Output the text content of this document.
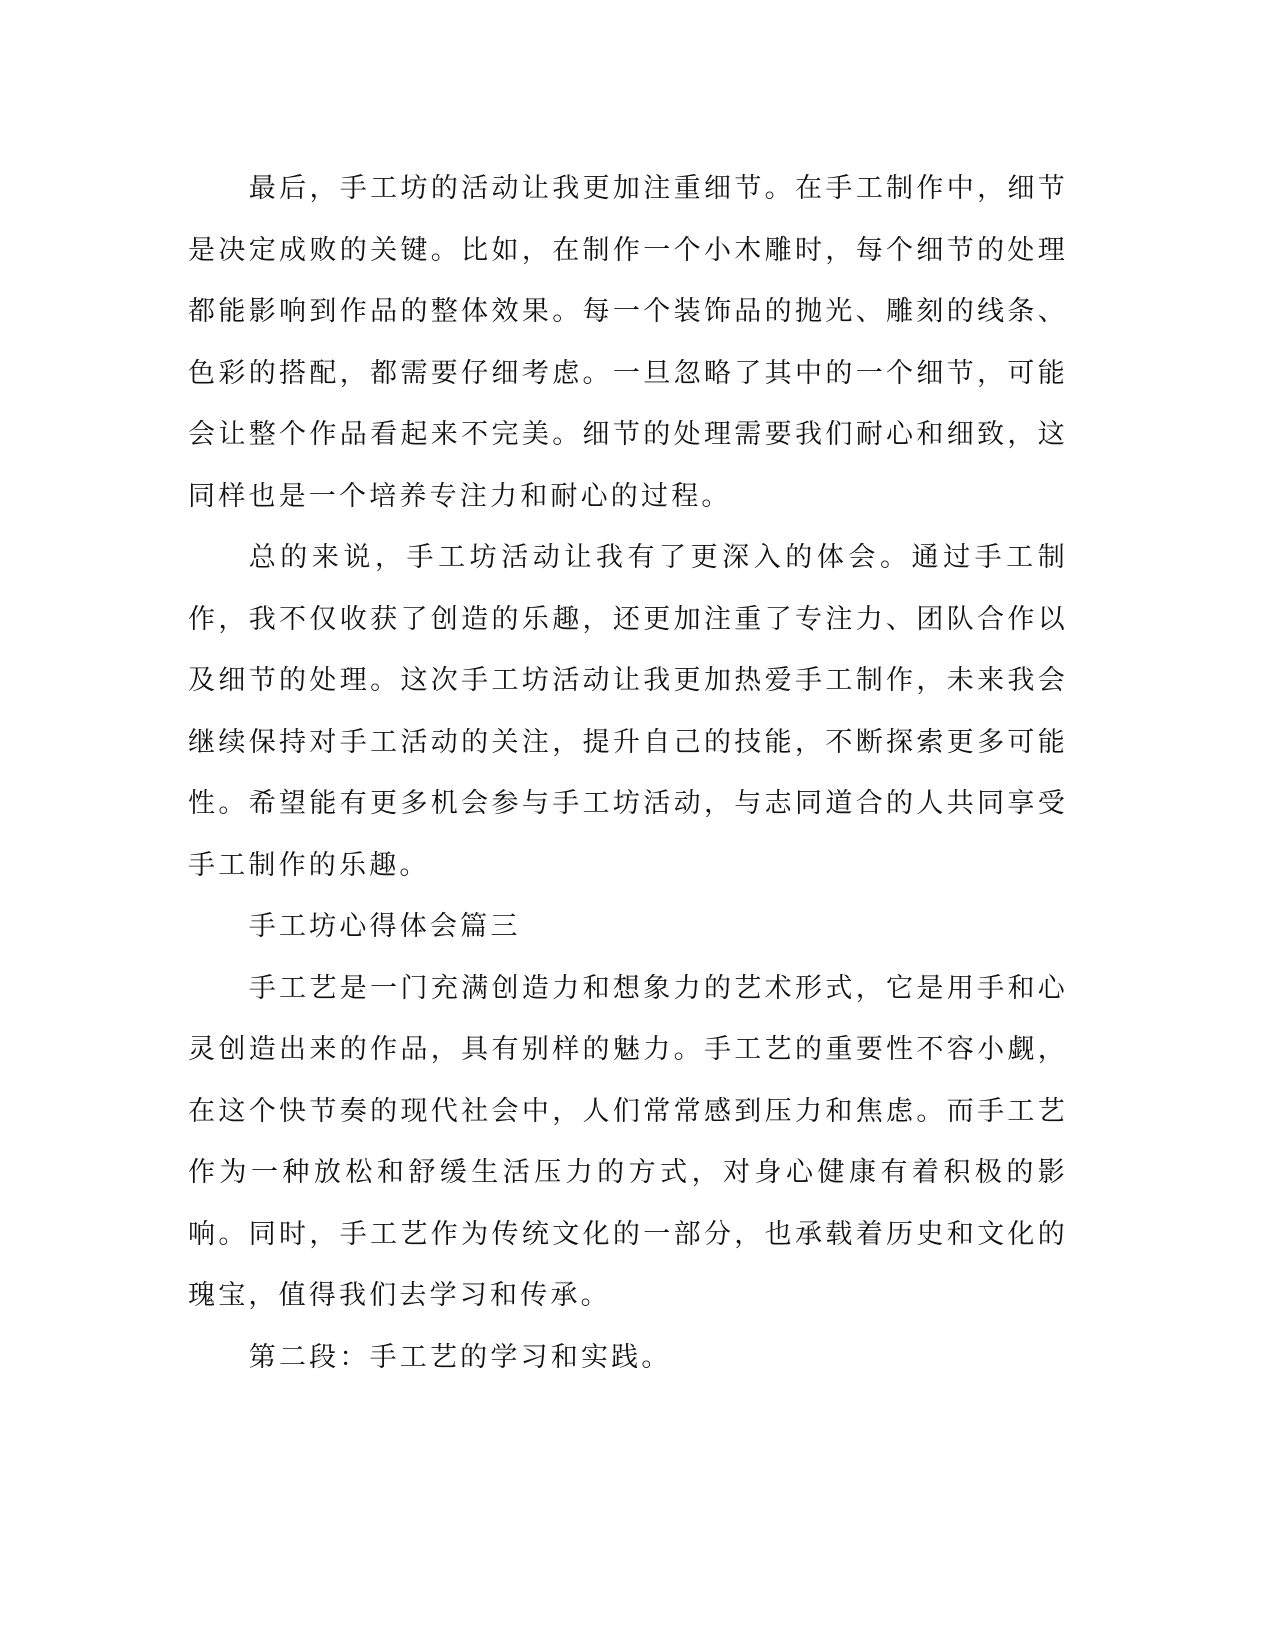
最后，手工坊的活动让我更加注重细节。在手工制作中，细节是决定成败的关键。比如，在制作一个小木雕时，每个细节的处理都能影响到作品的整体效果。每一个装饰品的抛光、雕刻的线条、色彩的搭配，都需要仔细考虑。一旦忽略了其中的一个细节，可能会让整个作品看起来不完美。细节的处理需要我们耐心和细致，这同样也是一个培养专注力和耐心的过程。

总的来说，手工坊活动让我有了更深入的体会。通过手工制作，我不仅收获了创造的乐趣，还更加注重了专注力、团队合作以及细节的处理。这次手工坊活动让我更加热爱手工制作，未来我会继续保持对手工活动的关注，提升自己的技能，不断探索更多可能性。希望能有更多机会参与手工坊活动，与志同道合的人共同享受手工制作的乐趣。

手工坊心得体会篇三

手工艺是一门充满创造力和想象力的艺术形式，它是用手和心灵创造出来的作品，具有别样的魅力。手工艺的重要性不容小觑，在这个快节奏的现代社会中，人们常常感到压力和焦虑。而手工艺作为一种放松和舒缓生活压力的方式，对身心健康有着积极的影响。同时，手工艺作为传统文化的一部分，也承载着历史和文化的瑰宝，值得我们去学习和传承。

第二段：手工艺的学习和实践。
